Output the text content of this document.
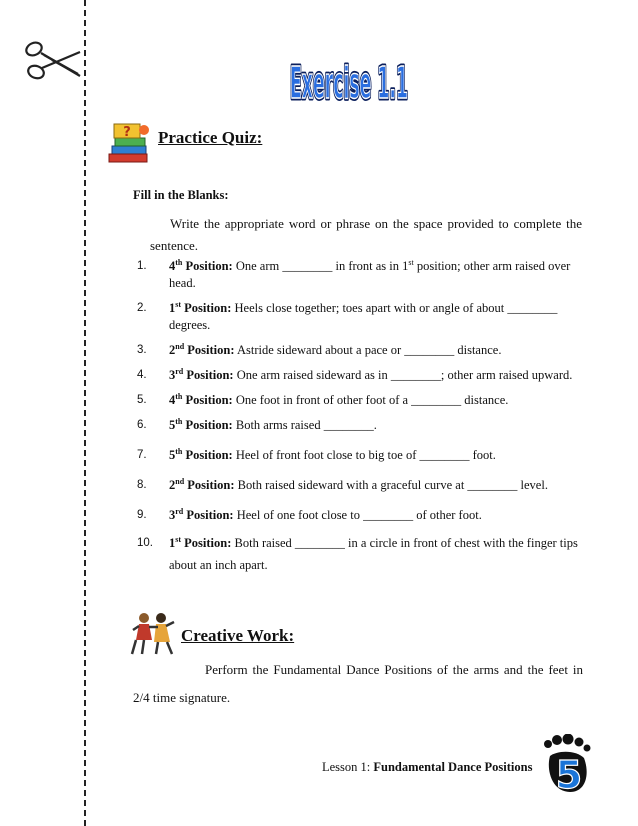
Exercise 1.1
Exercise 1.1
? Practice Quiz:
Fill in the Blanks:
Write the appropriate word or phrase on the space provided to complete the sentence.
1.	4th Position: One arm ________ in front as in 1st position; other arm raised over head.
2.	1st Position: Heels close together; toes apart with or angle of about ________ degrees.
3.	2nd Position: Astride sideward about a pace or ________ distance.
4.	3rd Position: One arm raised sideward as in ________; other arm raised upward.
5.	4th Position: One foot in front of other foot of a ________ distance.
6.	5th Position: Both arms raised ________.
7.	5th Position: Heel of front foot close to big toe of ________ foot.
8.	2nd Position: Both raised sideward with a graceful curve at ________ level.
9.	3rd Position: Heel of one foot close to ________ of other foot.
10.	1st Position: Both raised ________ in a circle in front of chest with the finger tips about an inch apart.
Creative Work:
Perform the Fundamental Dance Positions of the arms and the feet in 2/4 time signature.
Lesson 1: Fundamental Dance Positions 5
